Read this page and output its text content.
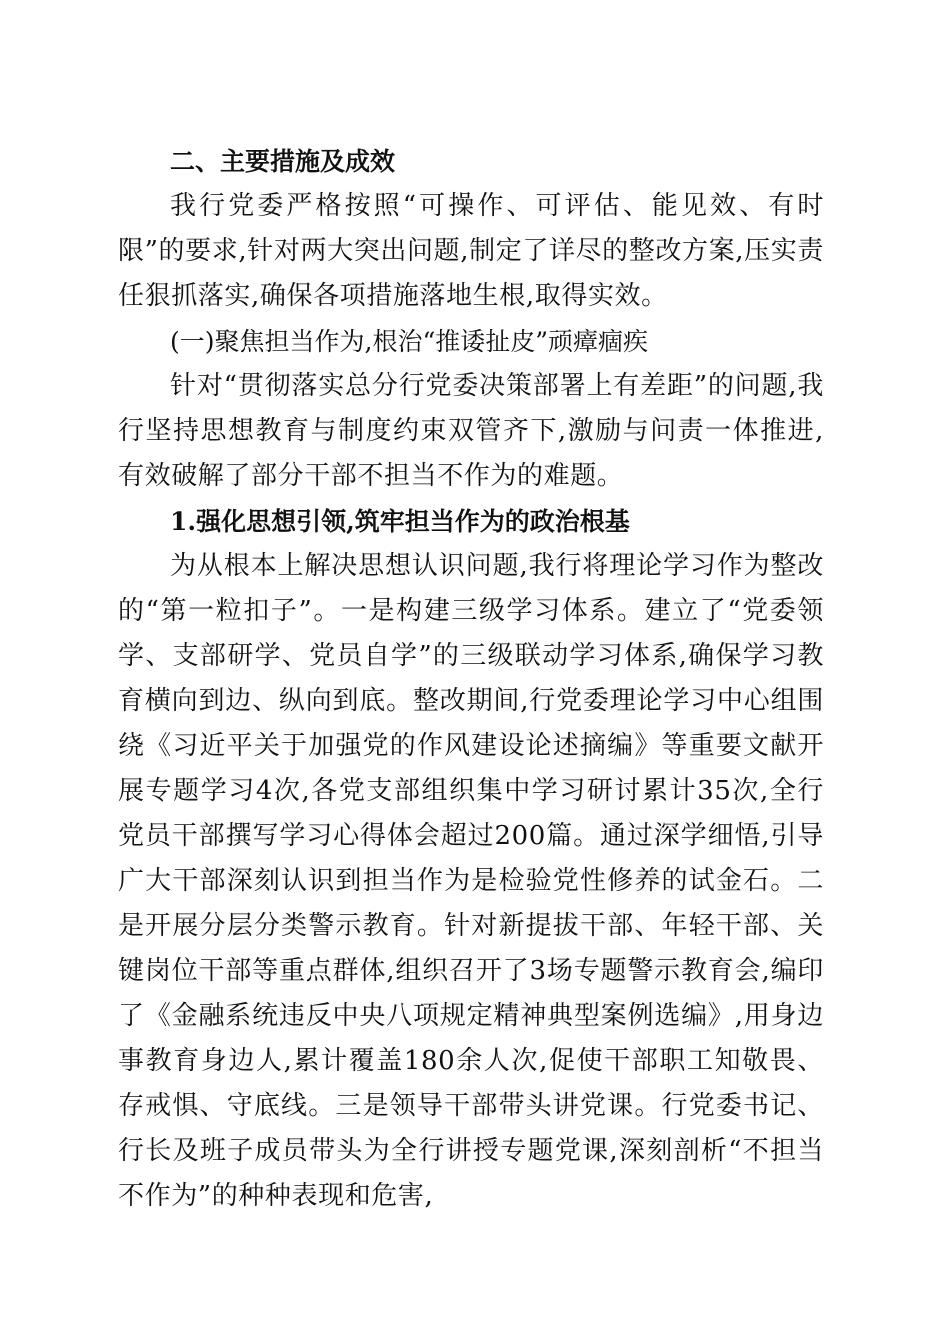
二、主要措施及成效

我行党委严格按照“可操作、可评估、能见效、有时限”的要求,针对两大突出问题,制定了详尽的整改方案,压实责任狠抓落实,确保各项措施落地生根,取得实效。

(一)聚焦担当作为,根治“推诿扯皮”顽瘴痼疾

针对“贯彻落实总分行党委决策部署上有差距”的问题,我行坚持思想教育与制度约束双管齐下,激励与问责一体推进,有效破解了部分干部不担当不作为的难题。

1.强化思想引领,筑牢担当作为的政治根基

为从根本上解决思想认识问题,我行将理论学习作为整改的“第一粒扣子”。一是构建三级学习体系。建立了“党委领学、支部研学、党员自学”的三级联动学习体系,确保学习教育横向到边、纵向到底。整改期间,行党委理论学习中心组围绕《习近平关于加强党的作风建设论述摘编》等重要文献开展专题学习4次,各党支部组织集中学习研讨累计35次,全行党员干部撰写学习心得体会超过200篇。通过深学细悟,引导广大干部深刻认识到担当作为是检验党性修养的试金石。二是开展分层分类警示教育。针对新提拔干部、年轻干部、关键岗位干部等重点群体,组织召开了3场专题警示教育会,编印了《金融系统违反中央八项规定精神典型案例选编》,用身边事教育身边人,累计覆盖180余人次,促使干部职工知敬畏、存戒惧、守底线。三是领导干部带头讲党课。行党委书记、行长及班子成员带头为全行讲授专题党课,深刻剖析“不担当不作为”的种种表现和危害,
